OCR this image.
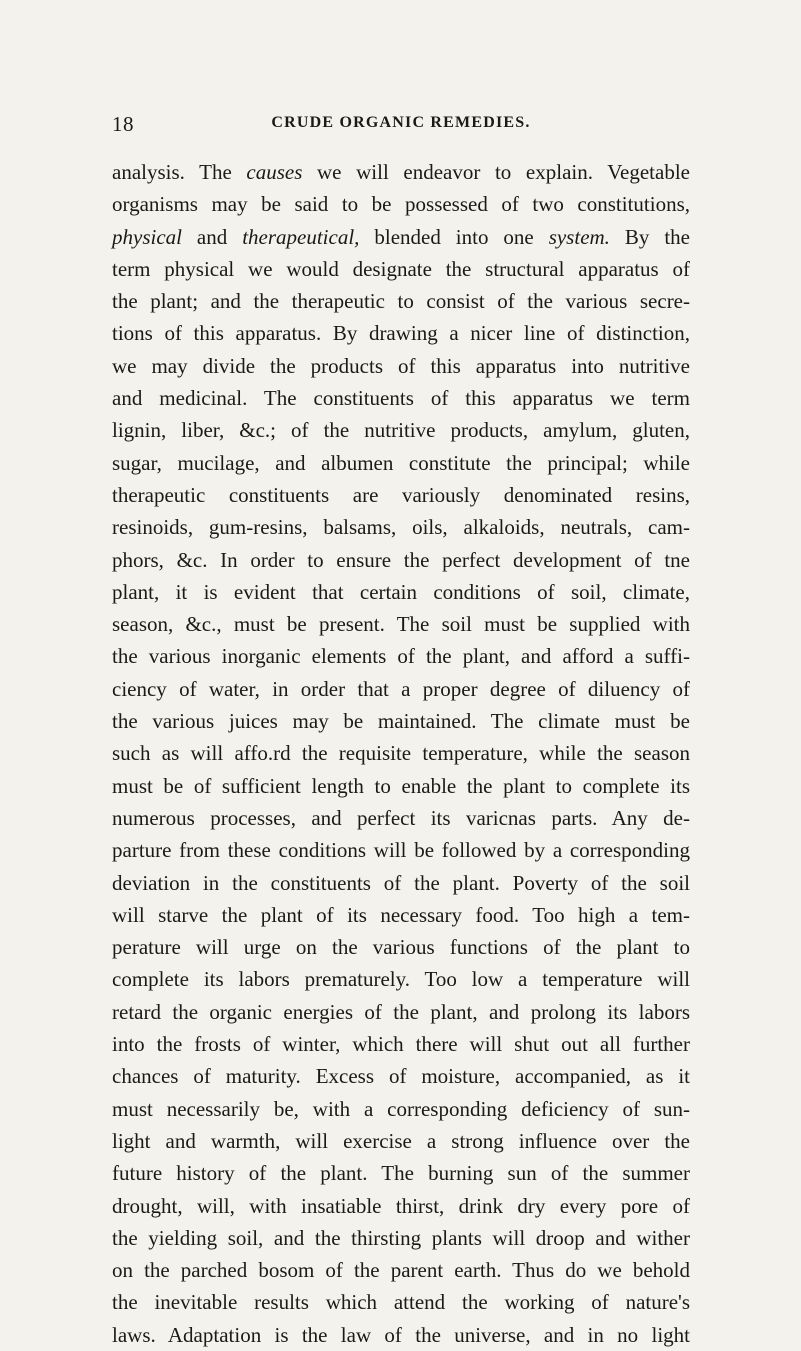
18	CRUDE ORGANIC REMEDIES.
analysis. The causes we will endeavor to explain. Vegetable
organisms may be said to be possessed of two constitutions,
physical and therapeutical, blended into one system. By the
term physical we would designate the structural apparatus of
the plant; and the therapeutic to consist of the various secre-
tions of this apparatus. By drawing a nicer line of distinction,
we may divide the products of this apparatus into nutritive
and medicinal. The constituents of this apparatus we term
lignin, liber, &c.; of the nutritive products, amylum, gluten,
sugar, mucilage, and albumen constitute the principal; while
therapeutic constituents are variously denominated resins,
resinoids, gum-resins, balsams, oils, alkaloids, neutrals, cam-
phors, &c. In order to ensure the perfect development of tne
plant, it is evident that certain conditions of soil, climate,
season, &c., must be present. The soil must be supplied with
the various inorganic elements of the plant, and afford a suffi-
ciency of water, in order that a proper degree of diluency of
the various juices may be maintained. The climate must be
such as will affo.rd the requisite temperature, while the season
must be of sufficient length to enable the plant to complete its
numerous processes, and perfect its varicnas parts. Any de-
parture from these conditions will be followed by a corresponding
deviation in the constituents of the plant. Poverty of the soil
will starve the plant of its necessary food. Too high a tem-
perature will urge on the various functions of the plant to
complete its labors prematurely. Too low a temperature will
retard the organic energies of the plant, and prolong its labors
into the frosts of winter, which there will shut out all further
chances of maturity. Excess of moisture, accompanied, as it
must necessarily be, with a corresponding deficiency of sun-
light and warmth, will exercise a strong influence over the
future history of the plant. The burning sun of the summer
drought, will, with insatiable thirst, drink dry every pore of
the yielding soil, and the thirsting plants will droop and wither
on the parched bosom of the parent earth. Thus do we behold
the inevitable results which attend the working of nature's
laws. Adaptation is the law of the universe, and in no light
